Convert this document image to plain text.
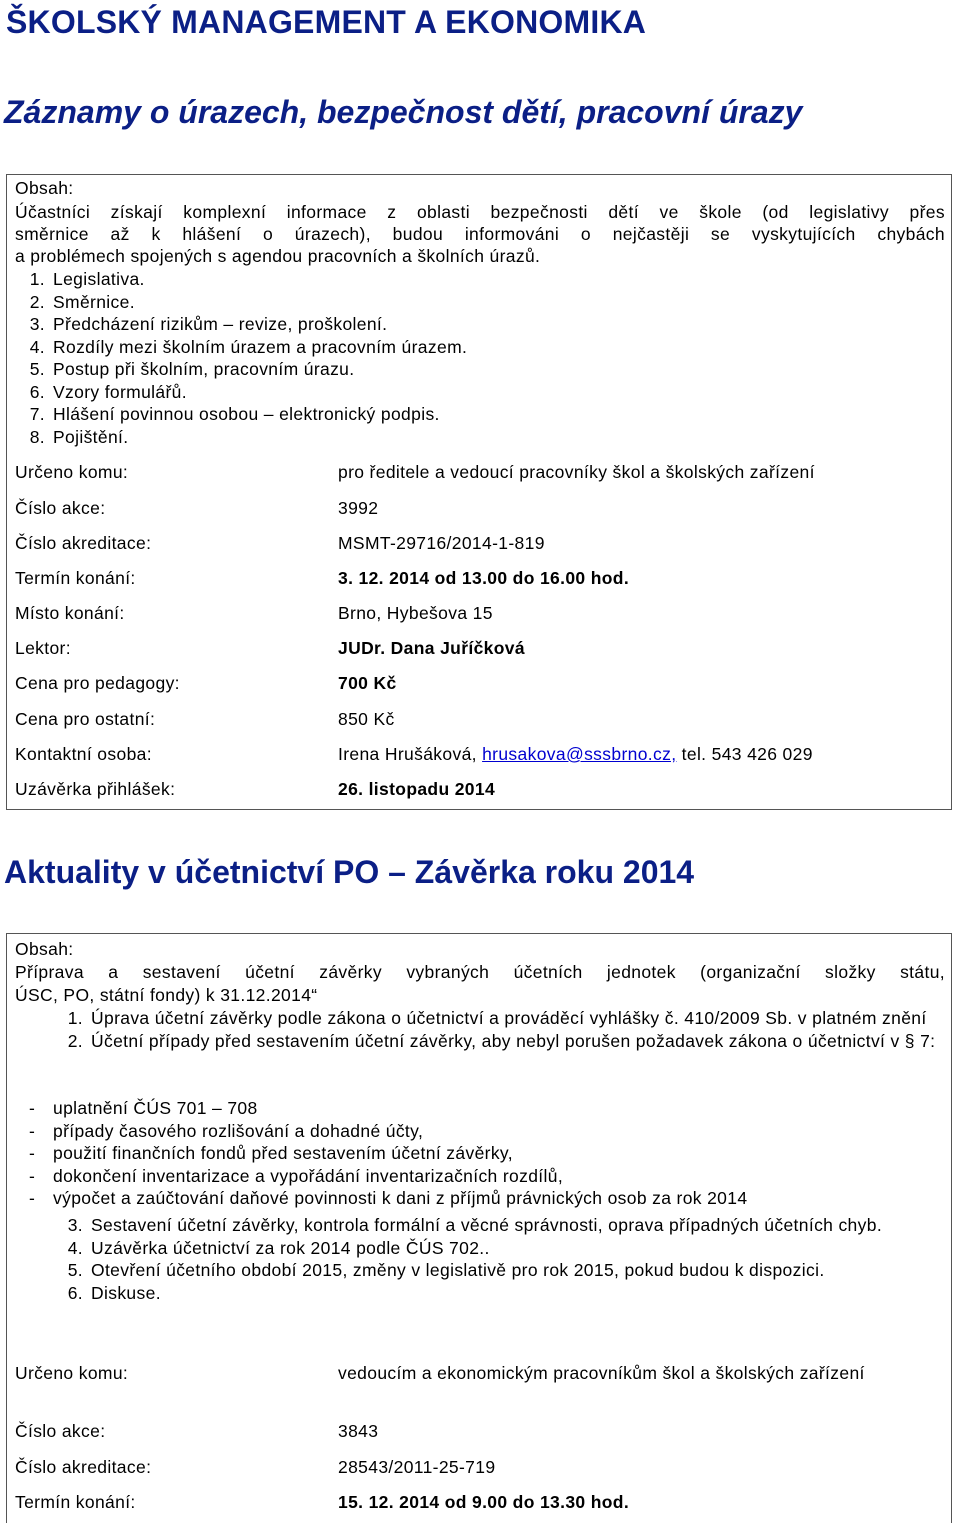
ŠKOLSKÝ MANAGEMENT A EKONOMIKA
Záznamy o úrazech, bezpečnost dětí, pracovní úrazy
Obsah:
Účastníci získají komplexní informace z oblasti bezpečnosti dětí ve škole (od legislativy přes
směrnice až k hlášení o úrazech), budou informováni o nejčastěji se vyskytujících chybách
a problémech spojených s agendou pracovních a školních úrazů.
1. Legislativa.
2. Směrnice.
3. Předcházení rizikům – revize, proškolení.
4. Rozdíly mezi školním úrazem a pracovním úrazem.
5. Postup při školním, pracovním úrazu.
6. Vzory formulářů.
7. Hlášení povinnou osobou – elektronický podpis.
8. Pojištění.
Určeno komu:	pro ředitele a vedoucí pracovníky škol a školských zařízení
Číslo akce:	3992
Číslo akreditace:	MSMT-29716/2014-1-819
Termín konání:	3. 12. 2014 od 13.00 do 16.00 hod.
Místo konání:	Brno, Hybešova 15
Lektor:	JUDr. Dana Juříčková
Cena pro pedagogy:	700 Kč
Cena pro ostatní:	850 Kč
Kontaktní osoba:	Irena Hrušáková, hrusakova@sssbrno.cz, tel. 543 426 029
Uzávěrka přihlášek:	26. listopadu 2014
Aktuality v účetnictví PO – Závěrka roku 2014
Obsah:
Příprava a sestavení účetní závěrky vybraných účetních jednotek (organizační složky státu,
ÚSC, PO, státní fondy) k 31.12.2014“
1. Úprava účetní závěrky podle zákona o účetnictví a prováděcí vyhlášky č. 410/2009 Sb. v platném znění
2. Účetní případy před sestavením účetní závěrky, aby nebyl porušen požadavek zákona o účetnictví v § 7:
-	uplatnění ČÚS 701 – 708
-	případy časového rozlišování a dohadné účty,
-	použití finančních fondů před sestavením účetní závěrky,
-	dokončení inventarizace a vypořádání inventarizačních rozdílů,
-	výpočet a zaúčtování daňové povinnosti k dani z příjmů právnických osob za rok 2014
3. Sestavení účetní závěrky, kontrola formální a věcné správnosti, oprava případných účetních chyb.
4. Uzávěrka účetnictví za rok 2014 podle ČÚS 702..
5. Otevření účetního období 2015, změny v legislativě pro rok 2015, pokud budou k dispozici.
6. Diskuse.
Určeno komu:	vedoucím a ekonomickým pracovníkům škol a školských zařízení
Číslo akce:	3843
Číslo akreditace:	28543/2011-25-719
Termín konání:	15. 12. 2014 od 9.00 do 13.30 hod.
